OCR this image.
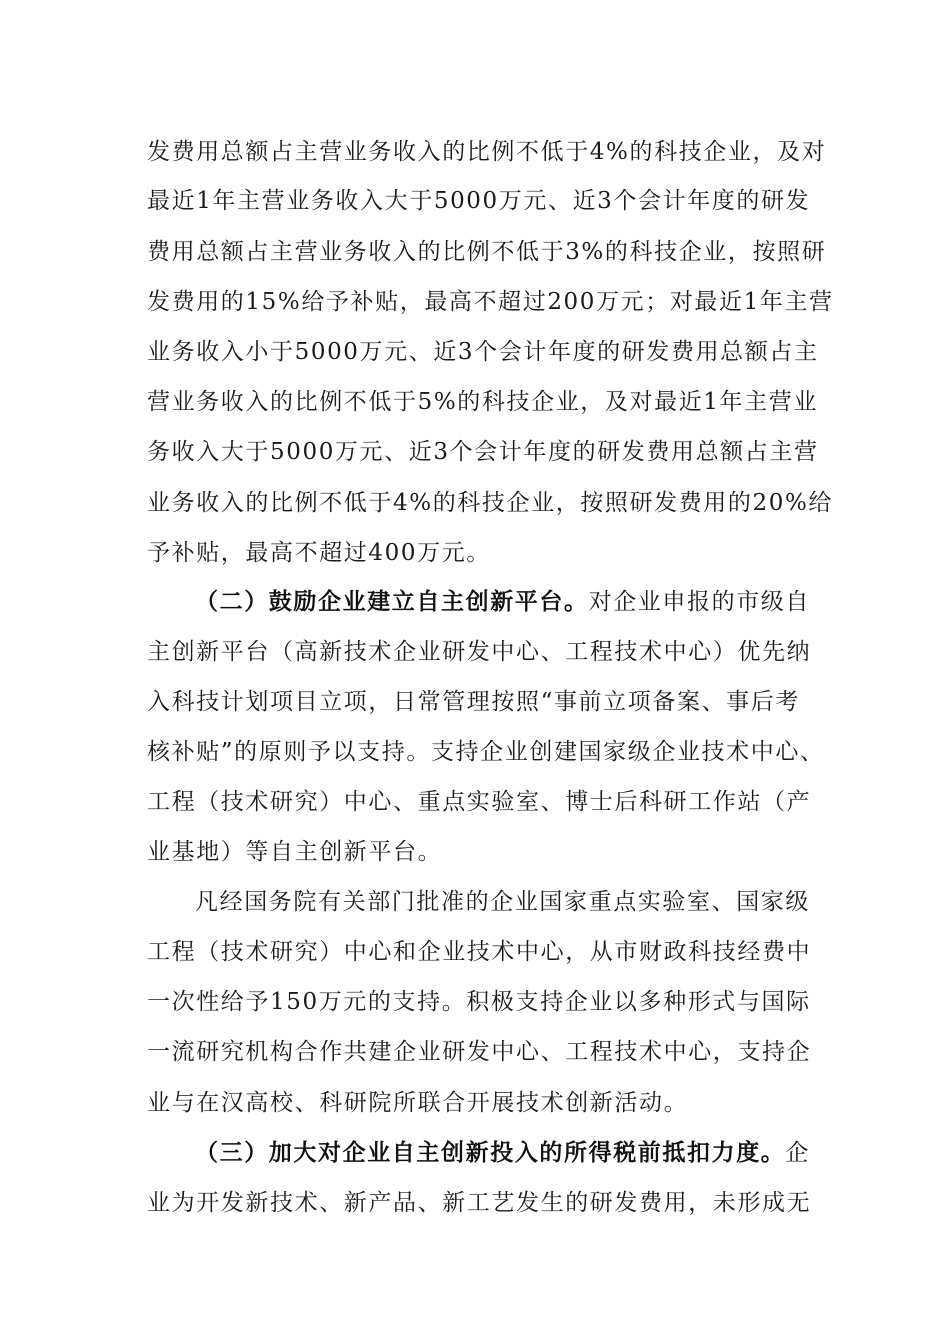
发费用总额占主营业务收入的比例不低于4%的科技企业，及对
最近1年主营业务收入大于5000万元、近3个会计年度的研发
费用总额占主营业务收入的比例不低于3%的科技企业，按照研
发费用的15%给予补贴，最高不超过200万元；对最近1年主营
业务收入小于5000万元、近3个会计年度的研发费用总额占主
营业务收入的比例不低于5%的科技企业，及对最近1年主营业
务收入大于5000万元、近3个会计年度的研发费用总额占主营
业务收入的比例不低于4%的科技企业，按照研发费用的20%给
予补贴，最高不超过400万元。
（二）鼓励企业建立自主创新平台。对企业申报的市级自
主创新平台（高新技术企业研发中心、工程技术中心）优先纳
入科技计划项目立项，日常管理按照“事前立项备案、事后考
核补贴”的原则予以支持。支持企业创建国家级企业技术中心、
工程（技术研究）中心、重点实验室、博士后科研工作站（产
业基地）等自主创新平台。
凡经国务院有关部门批准的企业国家重点实验室、国家级
工程（技术研究）中心和企业技术中心，从市财政科技经费中
一次性给予150万元的支持。积极支持企业以多种形式与国际
一流研究机构合作共建企业研发中心、工程技术中心，支持企
业与在汉高校、科研院所联合开展技术创新活动。
（三）加大对企业自主创新投入的所得税前抵扣力度。企
业为开发新技术、新产品、新工艺发生的研发费用，未形成无
